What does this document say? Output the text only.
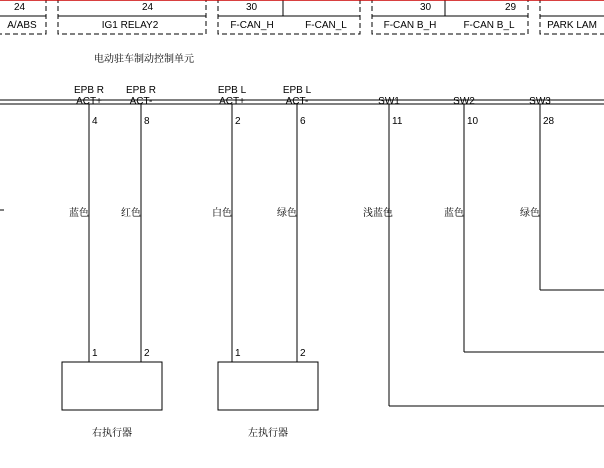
A/ABS
24
IG1 RELAY2
24
F-CAN_H
30
F-CAN_L
30
F-CAN B_H
29
F-CAN B_L	PARK LAM
电动驻车制动控制单元
EPB R
ACT+
EPB R
ACT-
EPB L
ACT+
EPB L
ACT-	SW1	SW2	SW3
4	8	2	6	11	10	28
蓝色	红色	白色	绿色	浅蓝色	蓝色	绿色
1	2	1	2
右执行器	左执行器
